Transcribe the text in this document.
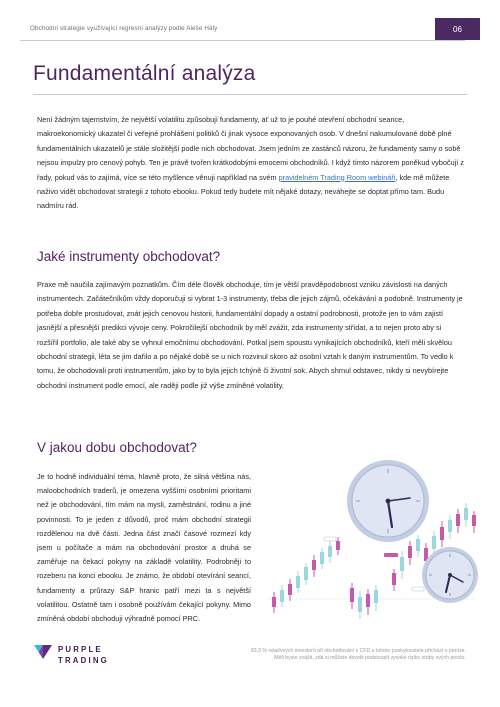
Obchodní strategie využívající regresní analýzy podle Aleše Hály	06
Fundamentální analýza

Není žádným tajemstvím, že největší volatilitu způsobují fundamenty, ať už to je pouhé otevření obchodní seance, makroekonomický ukazatel či veřejné prohlášení politiků či jinak vysoce exponovaných osob. V dnešní nakumulované době plné fundamentálních ukazatelů je stále složitější podle nich obchodovat. Jsem jedním ze zastánců názoru, že fundamenty samy o sobě nejsou impulzy pro cenový pohyb. Ten je právě tvořen krátkodobými emocemi obchodníků. I když tímto názorem poněkud vybočují z řady, pokud vás to zajímá, více se této myšlence věnuji například na svém pravidelném Trading Room webináři, kde mě můžete naživo vidět obchodovat strategii z tohoto ebooku. Pokud tedy budete mít nějaké dotazy, neváhejte se doptat přímo tam. Budu nadmíru rád.

Jaké instrumenty obchodovat?

Praxe mě naučila zajímavým poznatkům. Čím déle člověk obchoduje, tím je větší pravděpodobnost vzniku závislosti na daných instrumentech. Začátečníkům vždy doporučuji si vybrat 1-3 instrumenty, třeba dle jejich zájmů, očekávání a podobně. Instrumenty je potřeba dobře prostudovat, znát jejich cenovou historii, fundamentální dopady a ostatní podrobnosti, protože jen to vám zajistí jasnější a přesnější predikci vývoje ceny. Pokročilejší obchodník by měl zvážit, zda instrumenty střídat, a to nejen proto aby si rozšířil portfolio, ale také aby se vyhnul emočnímu obchodování. Potkal jsem spoustu vynikajících obchodníků, kteří měli skvělou obchodní strategii, léta se jim dařilo a po nějaké době se u nich rozvinul skoro až osobní vztah k daným instrumentům. To vedlo k tomu, že obchodovali proti instrumentům, jako by to byla jejich tchýně či životní sok. Abych shrnul odstavec, nikdy si nevybírejte obchodní instrument podle emocí, ale raději podle již výše zmíněné volatility.

V jakou dobu obchodovat?

Je to hodně individuální téma, hlavně proto, že silná většina nás, maloobchodních traderů, je omezena vyššími osobními prioritami než je obchodování, tím mám na mysli, zaměstnání, rodinu a jiné povinnosti. To je jeden z důvodů, proč mám obchodní strategii rozdělenou na dvě části. Jedna část značí časové rozmezí kdy jsem u počítače a mám na obchodování prostor a druhá se zaměřuje na čekací pokyny na základě volatility. Podrobněji to rozeberu na konci ebooku. Je známo, že období otevírání seancí, fundamenty a průrazy S&P hranic patří mezi ta s největší volatilitou. Ostatně tam i osobně používám čekající pokyny. Mimo zmíněná období obchoduji výhradně pomocí PRC.

PURPLE
TRADING
83,3 % retailových investorů při obchodování s CFD u tohoto poskytovatele přichází o peníze.
Měli byste zvážit, zda si můžete dovolit podstoupit vysoké riziko ztráty svých peněz.
